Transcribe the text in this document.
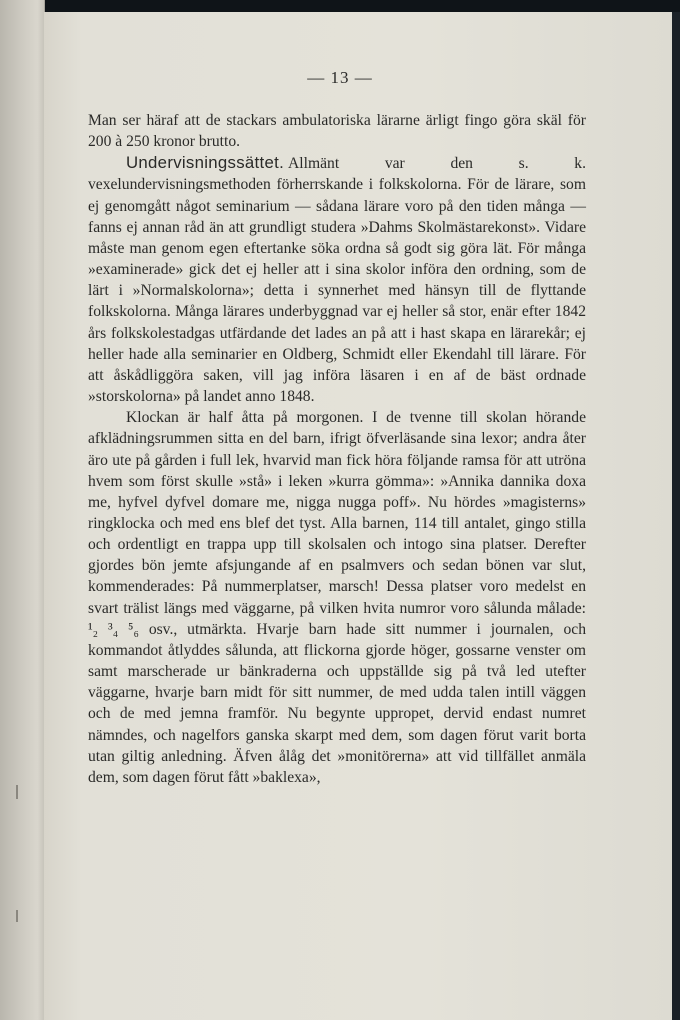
— 13 —

Man ser häraf att de stackars ambulatoriska lärarne ärligt fingo göra skäl för 200 à 250 kronor brutto.

Undervisningssättet. Allmänt var den s. k. vexelundervisningsmethoden förherrskande i folkskolorna. För de lärare, som ej genomgått något seminarium — sådana lärare voro på den tiden många — fanns ej annan råd än att grundligt studera »Dahms Skolmästarekonst». Vidare måste man genom egen eftertanke söka ordna så godt sig göra lät. För många »examinerade» gick det ej heller att i sina skolor införa den ordning, som de lärt i »Normalskolorna»; detta i synnerhet med hänsyn till de flyttande folkskolorna. Många lärares underbyggnad var ej heller så stor, enär efter 1842 års folkskolestadgas utfärdande det lades an på att i hast skapa en lärarekår; ej heller hade alla seminarier en Oldberg, Schmidt eller Ekendahl till lärare. För att åskådliggöra saken, vill jag införa läsaren i en af de bäst ordnade »storskolorna» på landet anno 1848.

Klockan är half åtta på morgonen. I de tvenne till skolan hörande afklädningsrummen sitta en del barn, ifrigt öfverläsande sina lexor; andra åter äro ute på gården i full lek, hvarvid man fick höra följande ramsa för att utröna hvem som först skulle »stå» i leken »kurra gömma»: »Annika dannika doxa me, hyfvel dyfvel domare me, nigga nugga poff». Nu hördes »magisterns» ringklocka och med ens blef det tyst. Alla barnen, 114 till antalet, gingo stilla och ordentligt en trappa upp till skolsalen och intogo sina platser. Derefter gjordes bön jemte afsjungande af en psalmvers och sedan bönen var slut, kommenderades: På nummerplatser, marsch! Dessa platser voro medelst en svart trälist längs med väggarne, på vilken hvita numror voro sålunda målade: ¹₂ ³₄ ⁵₆ osv., utmärkta. Hvarje barn hade sitt nummer i journalen, och kommandot åtlyddes sålunda, att flickorna gjorde höger, gossarne venster om samt marscherade ur bänkraderna och uppställde sig på två led utefter väggarne, hvarje barn midt för sitt nummer, de med udda talen intill väggen och de med jemna framför. Nu begynte uppropet, dervid endast numret nämndes, och nagelfors ganska skarpt med dem, som dagen förut varit borta utan giltig anledning. Äfven ålåg det »monitörerna» att vid tillfället anmäla dem, som dagen förut fått »baklexa»,
